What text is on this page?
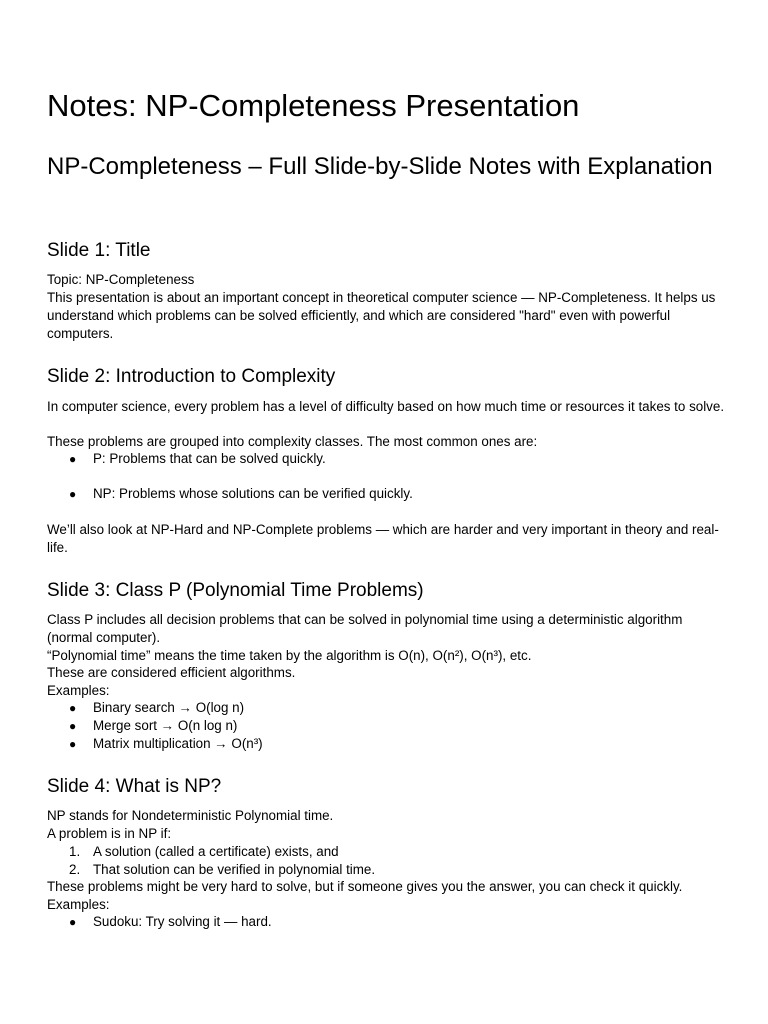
Notes: NP-Completeness Presentation
NP-Completeness – Full Slide-by-Slide Notes with Explanation
Slide 1: Title
Topic: NP-Completeness
This presentation is about an important concept in theoretical computer science — NP-Completeness. It helps us understand which problems can be solved efficiently, and which are considered "hard" even with powerful computers.
Slide 2: Introduction to Complexity
In computer science, every problem has a level of difficulty based on how much time or resources it takes to solve.
These problems are grouped into complexity classes. The most common ones are:
● P: Problems that can be solved quickly.
● NP: Problems whose solutions can be verified quickly.
We’ll also look at NP-Hard and NP-Complete problems — which are harder and very important in theory and real-life.
Slide 3: Class P (Polynomial Time Problems)
Class P includes all decision problems that can be solved in polynomial time using a deterministic algorithm (normal computer).
“Polynomial time” means the time taken by the algorithm is O(n), O(n²), O(n³), etc.
These are considered efficient algorithms.
Examples:
● Binary search → O(log n)
● Merge sort → O(n log n)
● Matrix multiplication → O(n³)
Slide 4: What is NP?
NP stands for Nondeterministic Polynomial time.
A problem is in NP if:
1. A solution (called a certificate) exists, and
2. That solution can be verified in polynomial time.
These problems might be very hard to solve, but if someone gives you the answer, you can check it quickly.
Examples:
● Sudoku: Try solving it — hard.
